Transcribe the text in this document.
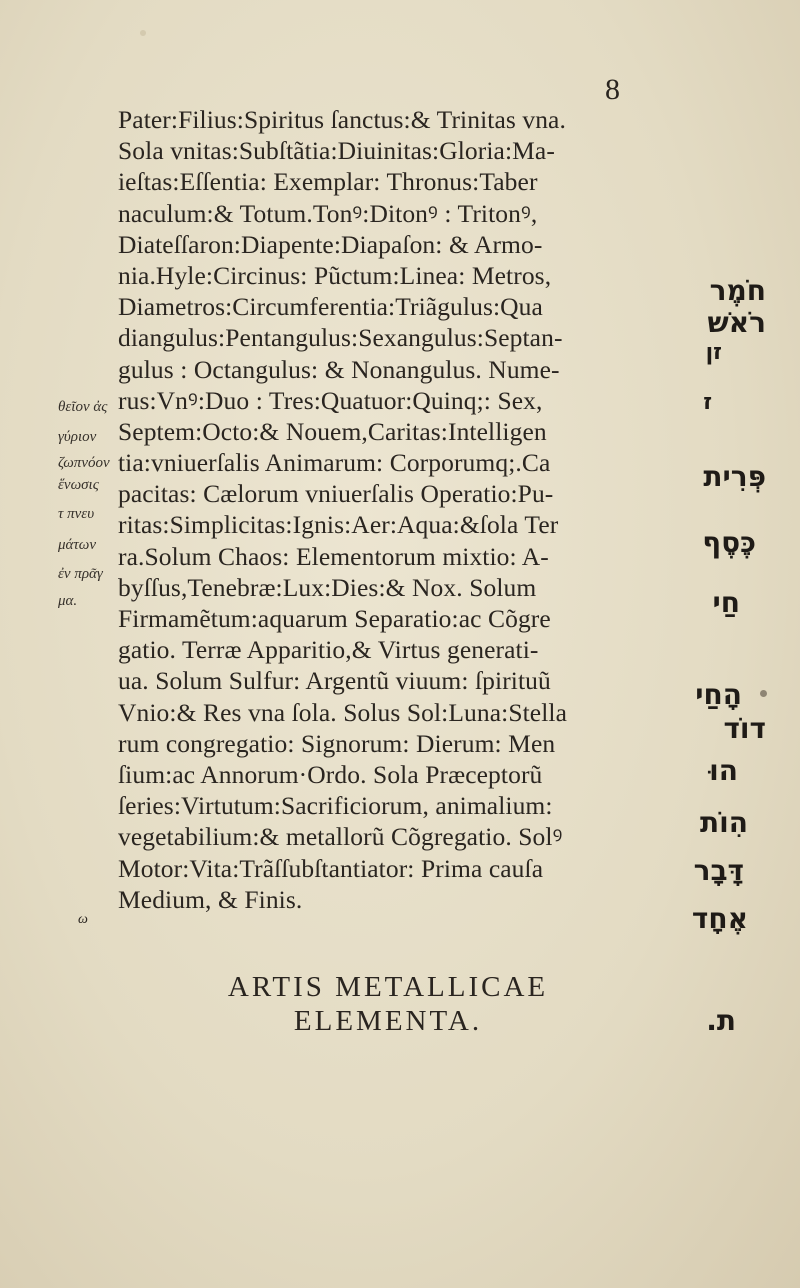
8
Pater:Filius:Spiritus ſanctus:& Trinitas vna.
Sola vnitas:Subſtãtia:Diuinitas:Gloria:Ma-
ieſtas:Eſſentia: Exemplar: Thronus:Taber
naculum:& Totum.Tonꝰ:Ditonꝰ : Tritonꝰ,
Diateſſaron:Diapente:Diapaſon: & Armo-
nia.Hyle:Circinus: Pũctum:Linea: Metros,
Diametros:Circumferentia:Triãgulus:Qua
diangulus:Pentangulus:Sexangulus:Septan-
gulus : Octangulus: & Nonangulus. Nume-
rus:Vnꝰ:Duo : Tres:Quatuor:Quinq;: Sex,
Septem:Octo:& Nouem,Caritas:Intelligen
tia:vniuerſalis Animarum: Corporumq;.Ca
pacitas: Cælorum vniuerſalis Operatio:Pu-
ritas:Simplicitas:Ignis:Aer:Aqua:&ſola Ter
ra.Solum Chaos: Elementorum mixtio: A-
byſſus,Tenebræ:Lux:Dies:& Nox. Solum
Firmamẽtum:aquarum Separatio:ac Cõgre
gatio. Terræ Apparitio,& Virtus generati-
ua. Solum Sulfur: Argentũ viuum: ſpirituũ
Vnio:& Res vna ſola. Solus Sol:Luna:Stella
rum congregatio: Signorum: Dierum: Men
ſium:ac Annorum·Ordo. Sola Præceptorũ
ſeries:Virtutum:Sacrificiorum, animalium:
vegetabilium:& metallorũ Cõgregatio. Solꝰ
Motor:Vita:Trãſſubſtantiator: Prima cauſa
Medium, & Finis.
θεῖον ἀς
γύριον
ζωπνόον
ἕνωσις
τ πνευ
μάτων
ἐν πρᾶγ
μα.
חֹמֶר
רֹאשׁ
זן
ז
פְּרִית
כֶּסֶף
חַי
הָחַי
דוֹד
הוּ
הִוֹת
דָּבָר
אֶחָד
ת.
ω
ARTIS METALLICAE
ELEMENTA.
